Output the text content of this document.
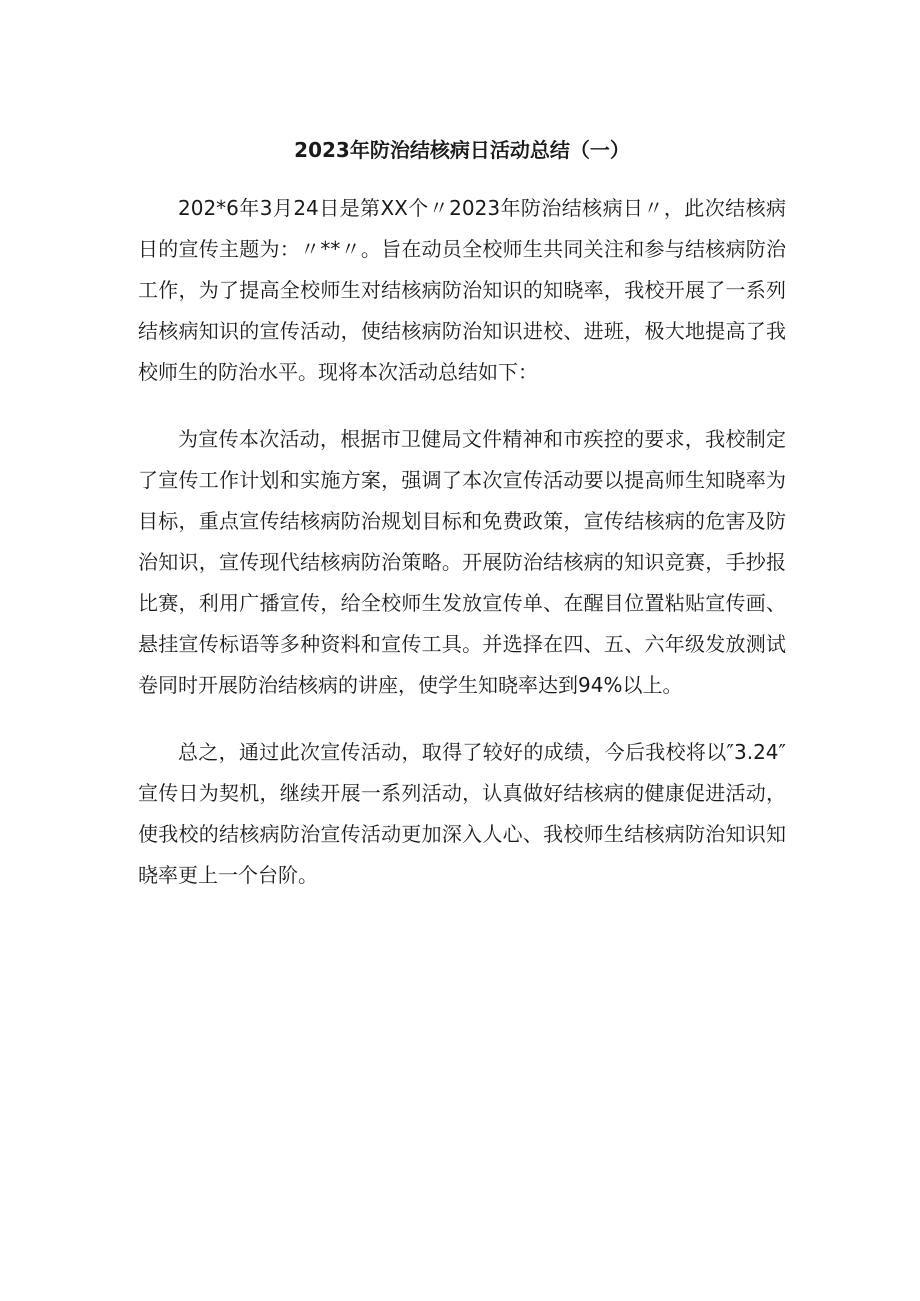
2023年防治结核病日活动总结（一）

202*6年3月24日是第XX个〃2023年防治结核病日〃，此次结核病日的宣传主题为：〃**〃。旨在动员全校师生共同关注和参与结核病防治工作，为了提高全校师生对结核病防治知识的知晓率，我校开展了一系列结核病知识的宣传活动，使结核病防治知识进校、进班，极大地提高了我校师生的防治水平。现将本次活动总结如下：

为宣传本次活动，根据市卫健局文件精神和市疾控的要求，我校制定了宣传工作计划和实施方案，强调了本次宣传活动要以提高师生知晓率为目标，重点宣传结核病防治规划目标和免费政策，宣传结核病的危害及防治知识，宣传现代结核病防治策略。开展防治结核病的知识竞赛，手抄报比赛，利用广播宣传，给全校师生发放宣传单、在醒目位置粘贴宣传画、悬挂宣传标语等多种资料和宣传工具。并选择在四、五、六年级发放测试卷同时开展防治结核病的讲座，使学生知晓率达到94%以上。

总之，通过此次宣传活动，取得了较好的成绩，今后我校将以″3.24″宣传日为契机，继续开展一系列活动，认真做好结核病的健康促进活动，使我校的结核病防治宣传活动更加深入人心、我校师生结核病防治知识知晓率更上一个台阶。
